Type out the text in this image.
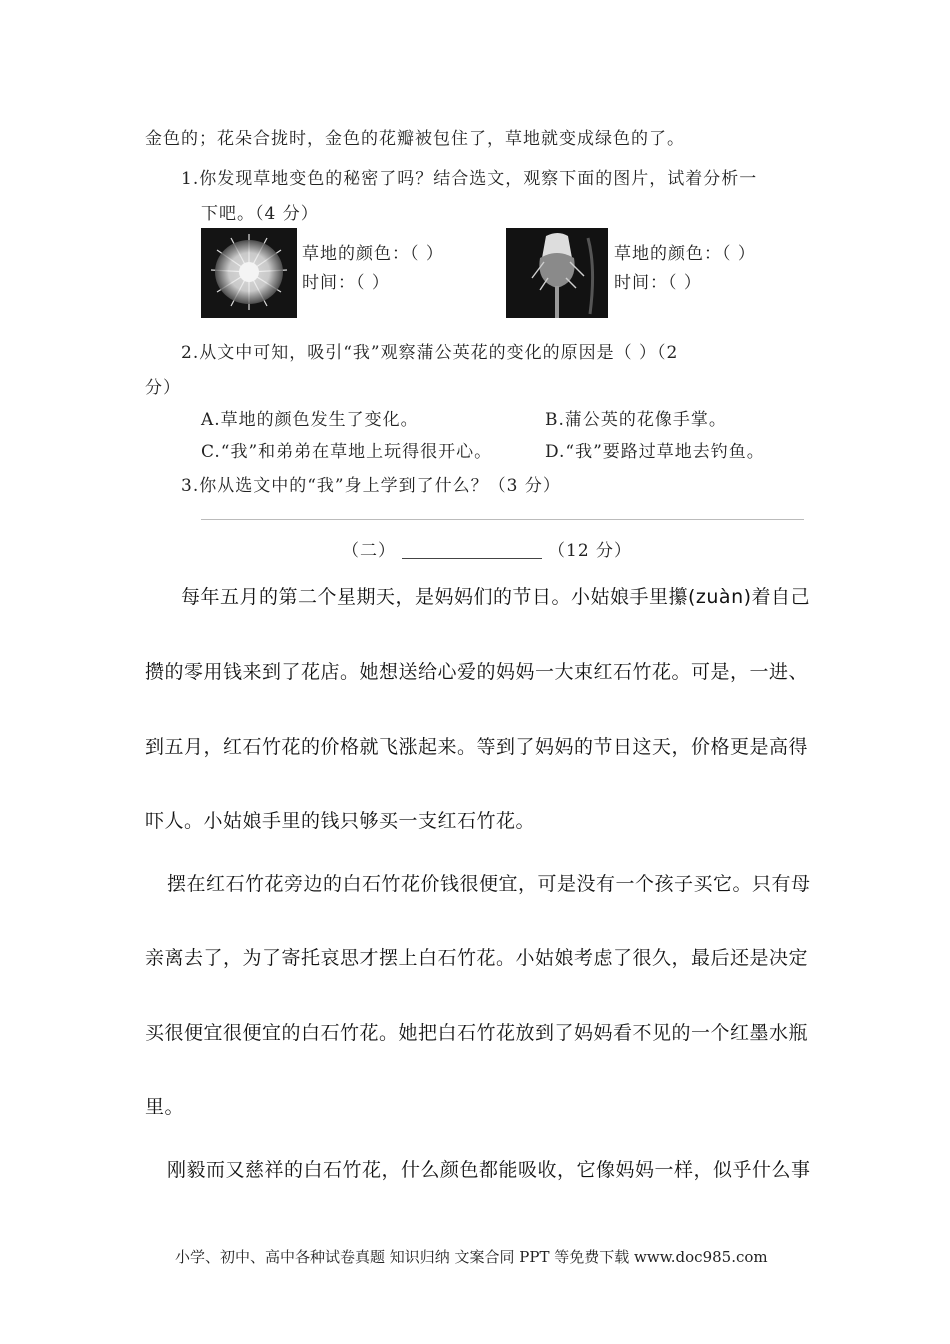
金色的；花朵合拢时，金色的花瓣被包住了，草地就变成绿色的了。
1.你发现草地变色的秘密了吗？结合选文，观察下面的图片，试着分析一
下吧。（4 分）
草地的颜色：（ ）
时间：（ ）
草地的颜色：（ ）
时间：（ ）
2.从文中可知，吸引“我”观察蒲公英花的变化的原因是（ ）（2
分）
A.草地的颜色发生了变化。	B.蒲公英的花像手掌。
C.“我”和弟弟在草地上玩得很开心。	D.“我”要路过草地去钓鱼。
3.你从选文中的“我”身上学到了什么？（3 分）
（二）	（12 分）
每年五月的第二个星期天，是妈妈们的节日。小姑娘手里攥(zuàn)着自己
攒的零用钱来到了花店。她想送给心爱的妈妈一大束红石竹花。可是，一进、
到五月，红石竹花的价格就飞涨起来。等到了妈妈的节日这天，价格更是高得
吓人。小姑娘手里的钱只够买一支红石竹花。
摆在红石竹花旁边的白石竹花价钱很便宜，可是没有一个孩子买它。只有母
亲离去了，为了寄托哀思才摆上白石竹花。小姑娘考虑了很久，最后还是决定
买很便宜很便宜的白石竹花。她把白石竹花放到了妈妈看不见的一个红墨水瓶
里。
刚毅而又慈祥的白石竹花，什么颜色都能吸收，它像妈妈一样，似乎什么事
小学、初中、高中各种试卷真题 知识归纳 文案合同 PPT 等免费下载 www.doc985.com
